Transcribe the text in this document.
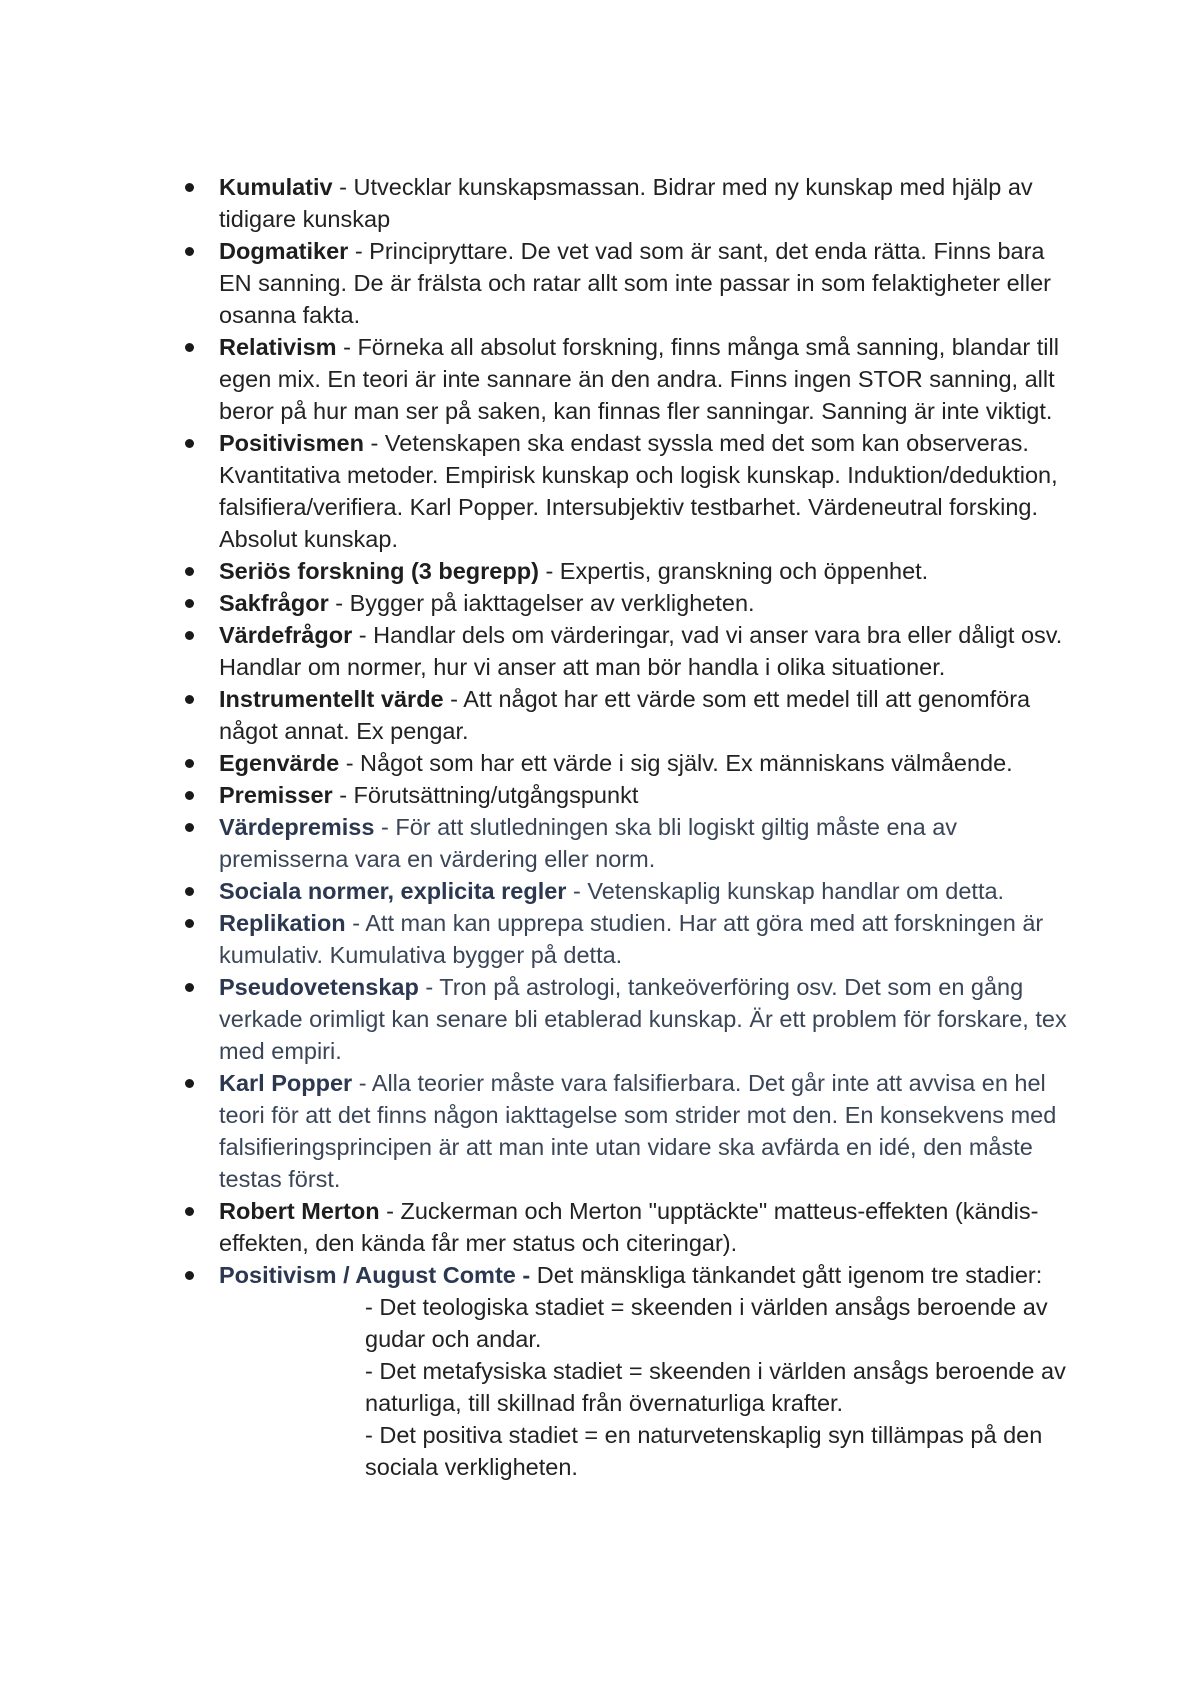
Kumulativ - Utvecklar kunskapsmassan. Bidrar med ny kunskap med hjälp av tidigare kunskap
Dogmatiker - Principryttare. De vet vad som är sant, det enda rätta. Finns bara EN sanning. De är frälsta och ratar allt som inte passar in som felaktigheter eller osanna fakta.
Relativism - Förneka all absolut forskning, finns många små sanning, blandar till egen mix. En teori är inte sannare än den andra. Finns ingen STOR sanning, allt beror på hur man ser på saken, kan finnas fler sanningar. Sanning är inte viktigt.
Positivismen - Vetenskapen ska endast syssla med det som kan observeras. Kvantitativa metoder. Empirisk kunskap och logisk kunskap. Induktion/deduktion, falsifiera/verifiera. Karl Popper. Intersubjektiv testbarhet. Värdeneutral forsking. Absolut kunskap.
Seriös forskning (3 begrepp) - Expertis, granskning och öppenhet.
Sakfrågor - Bygger på iakttagelser av verkligheten.
Värdefrågor - Handlar dels om värderingar, vad vi anser vara bra eller dåligt osv. Handlar om normer, hur vi anser att man bör handla i olika situationer.
Instrumentellt värde - Att något har ett värde som ett medel till att genomföra något annat. Ex pengar.
Egenvärde - Något som har ett värde i sig själv. Ex människans välmående.
Premisser - Förutsättning/utgångspunkt
Värdepremiss - För att slutledningen ska bli logiskt giltig måste ena av premisserna vara en värdering eller norm.
Sociala normer, explicita regler - Vetenskaplig kunskap handlar om detta.
Replikation - Att man kan upprepa studien. Har att göra med att forskningen är kumulativ. Kumulativa bygger på detta.
Pseudovetenskap - Tron på astrologi, tankeöverföring osv. Det som en gång verkade orimligt kan senare bli etablerad kunskap. Är ett problem för forskare, tex med empiri.
Karl Popper - Alla teorier måste vara falsifierbara. Det går inte att avvisa en hel teori för att det finns någon iakttagelse som strider mot den. En konsekvens med falsifieringsprincipen är att man inte utan vidare ska avfärda en idé, den måste testas först.
Robert Merton - Zuckerman och Merton "upptäckte" matteus-effekten (kändis-effekten, den kända får mer status och citeringar).
Positivism / August Comte - Det mänskliga tänkandet gått igenom tre stadier:
- Det teologiska stadiet = skeenden i världen ansågs beroende av gudar och andar.
- Det metafysiska stadiet = skeenden i världen ansågs beroende av naturliga, till skillnad från övernaturliga krafter.
- Det positiva stadiet = en naturvetenskaplig syn tillämpas på den sociala verkligheten.
